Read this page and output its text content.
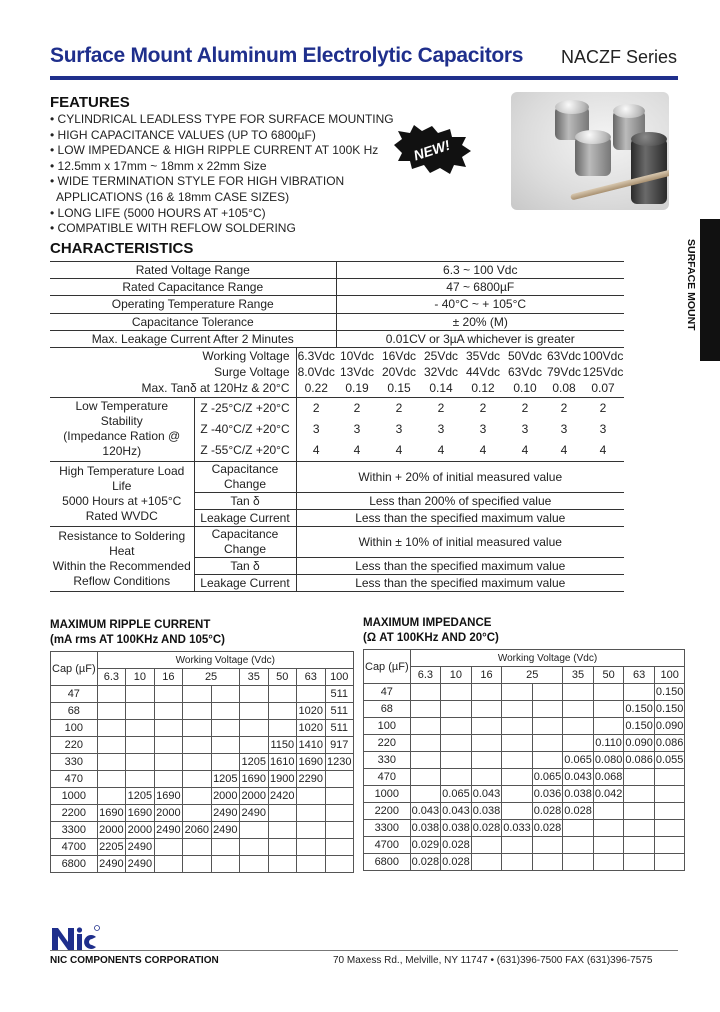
Surface Mount Aluminum Electrolytic Capacitors NACZF Series
FEATURES
• CYLINDRICAL LEADLESS TYPE FOR SURFACE MOUNTING
• HIGH CAPACITANCE VALUES (UP TO 6800µF)
• LOW IMPEDANCE & HIGH RIPPLE CURRENT AT 100K Hz
• 12.5mm x 17mm ~ 18mm x 22mm Size
• WIDE TERMINATION STYLE FOR HIGH VIBRATION
APPLICATIONS (16 & 18mm CASE SIZES)
• LONG LIFE (5000 HOURS AT +105°C)
• COMPATIBLE WITH REFLOW SOLDERING
NEW!
SURFACE MOUNT
CHARACTERISTICS
Rated Voltage Range			6.3 ~ 100 Vdc						
Rated Capacitance Range			47 ~ 6800µF						
Operating Temperature Range			- 40°C ~ + 105°C						
Capacitance Tolerance			± 20% (M)						
Max. Leakage Current After 2 Minutes			0.01CV or 3µA whichever is greater						
Working Voltage		6.3Vdc	10Vdc	16Vdc	25Vdc	35Vdc	50Vdc	63Vdc	100Vdc
Surge Voltage		8.0Vdc	13Vdc	20Vdc	32Vdc	44Vdc	63Vdc	79Vdc	125Vdc
Max. Tanδ at 120Hz & 20°C		0.22	0.19	0.15	0.14	0.12	0.10	0.08	0.07

Low Temperature
Stability
(Impedance Ration @
120Hz)	Z -25°C/Z +20°C	2	2	2	2	2	2	2	2
	Z -40°C/Z +20°C	3	3	3	3	3	3	3	3
	Z -55°C/Z +20°C	4	4	4	4	4	4	4	4

High Temperature Load
Life
5000 Hours at +105°C
Rated WVDC	Capacitance Change	Within + 20% of initial measured value							
	Tan δ	Less than 200% of specified value							
	Leakage Current	Less than the specified maximum value							

Resistance to Soldering
Heat
Within the Recommended
Reflow Conditions	Capacitance Change	Within ± 10% of initial measured value							
	Tan δ	Less than the specified maximum value							
	Leakage Current	Less than the specified maximum value							
MAXIMUM RIPPLE CURRENT
(mA rms AT 100KHz AND 105°C)
Cap (µF)	Working Voltage (Vdc)								
	6.3	10	16	25		35	50	63	100
47									511
68								1020	511
100								1020	511
220							1150	1410	917
330						1205	1610	1690	1230
470					1205	1690	1900	2290	
1000		1205	1690		2000	2000	2420		
2200	1690	1690	2000		2490	2490			
3300	2000	2000	2490	2060	2490				
4700	2205	2490							
6800	2490	2490							
MAXIMUM IMPEDANCE
(Ω AT 100KHz AND 20°C)
Cap (µF)	Working Voltage (Vdc)								
	6.3	10	16	25		35	50	63	100
47									0.150
68								0.150	0.150
100								0.150	0.090
220							0.110	0.090	0.086
330						0.065	0.080	0.086	0.055
470					0.065	0.043	0.068		
1000		0.065	0.043		0.036	0.038	0.042		
2200	0.043	0.043	0.038		0.028	0.028			
3300	0.038	0.038	0.028	0.033	0.028				
4700	0.029	0.028							
6800	0.028	0.028							
NIC COMPONENTS CORPORATION	70 Maxess Rd., Melville, NY 11747 • (631)396-7500 FAX (631)396-7575
